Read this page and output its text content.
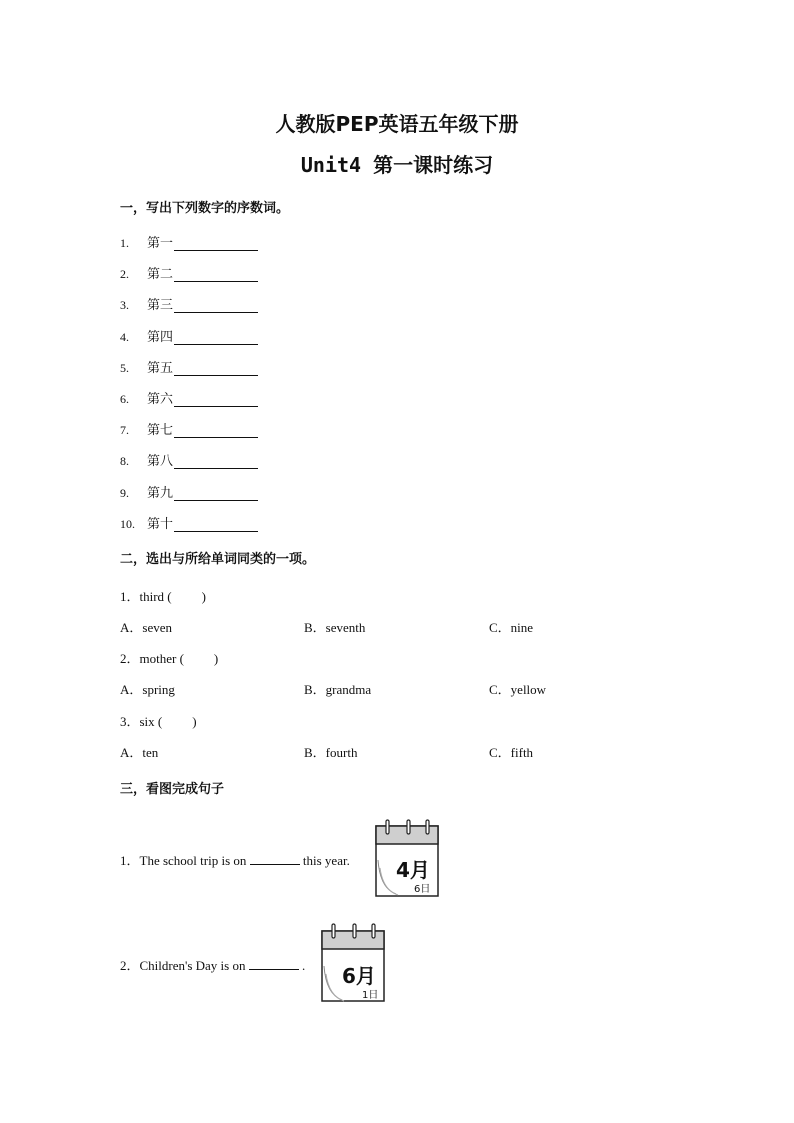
人教版PEP英语五年级下册
Unit4 第一课时练习
一，写出下列数字的序数词。
1.	第一
2.	第二
3.	第三
4.	第四
5.	第五
6.	第六
7.	第七
8.	第八
9.	第九
10. 第十
二，选出与所给单词同类的一项。
1．third ( )
A．seven	B．seventh	C．nine
2．mother ( )
A．spring	B．grandma	C．yellow
3．six ( )
A．ten	B．fourth	C．fifth
三，看图完成句子
1．The school trip is on	this year. 4月
6日
2．Children's Day is on	. 6月
1日
